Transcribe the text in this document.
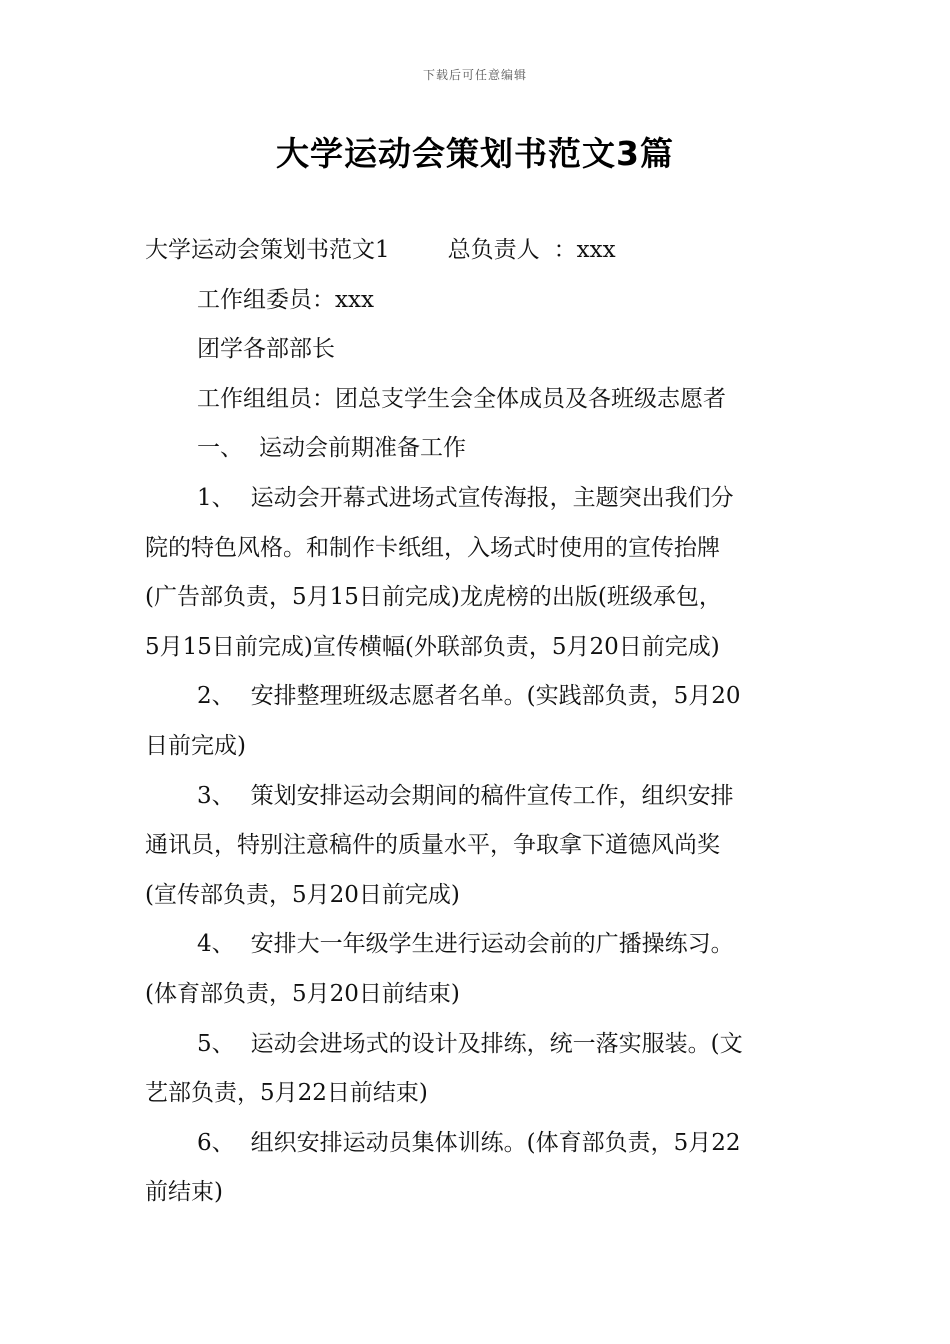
下载后可任意编辑
大学运动会策划书范文3篇
大学运动会策划书范文1	总负责人 ：xxx
工作组委员：xxx
团学各部部长
工作组组员：团总支学生会全体成员及各班级志愿者
一、 运动会前期准备工作
1、 运动会开幕式进场式宣传海报，主题突出我们分
院的特色风格。和制作卡纸组，入场式时使用的宣传抬牌
(广告部负责，5月15日前完成)龙虎榜的出版(班级承包，
5月15日前完成)宣传横幅(外联部负责，5月20日前完成)
2、 安排整理班级志愿者名单。(实践部负责，5月20
日前完成)
3、 策划安排运动会期间的稿件宣传工作，组织安排
通讯员，特别注意稿件的质量水平，争取拿下道德风尚奖
(宣传部负责，5月20日前完成)
4、 安排大一年级学生进行运动会前的广播操练习。
(体育部负责，5月20日前结束)
5、 运动会进场式的设计及排练，统一落实服装。(文
艺部负责，5月22日前结束)
6、 组织安排运动员集体训练。(体育部负责，5月22
前结束)
